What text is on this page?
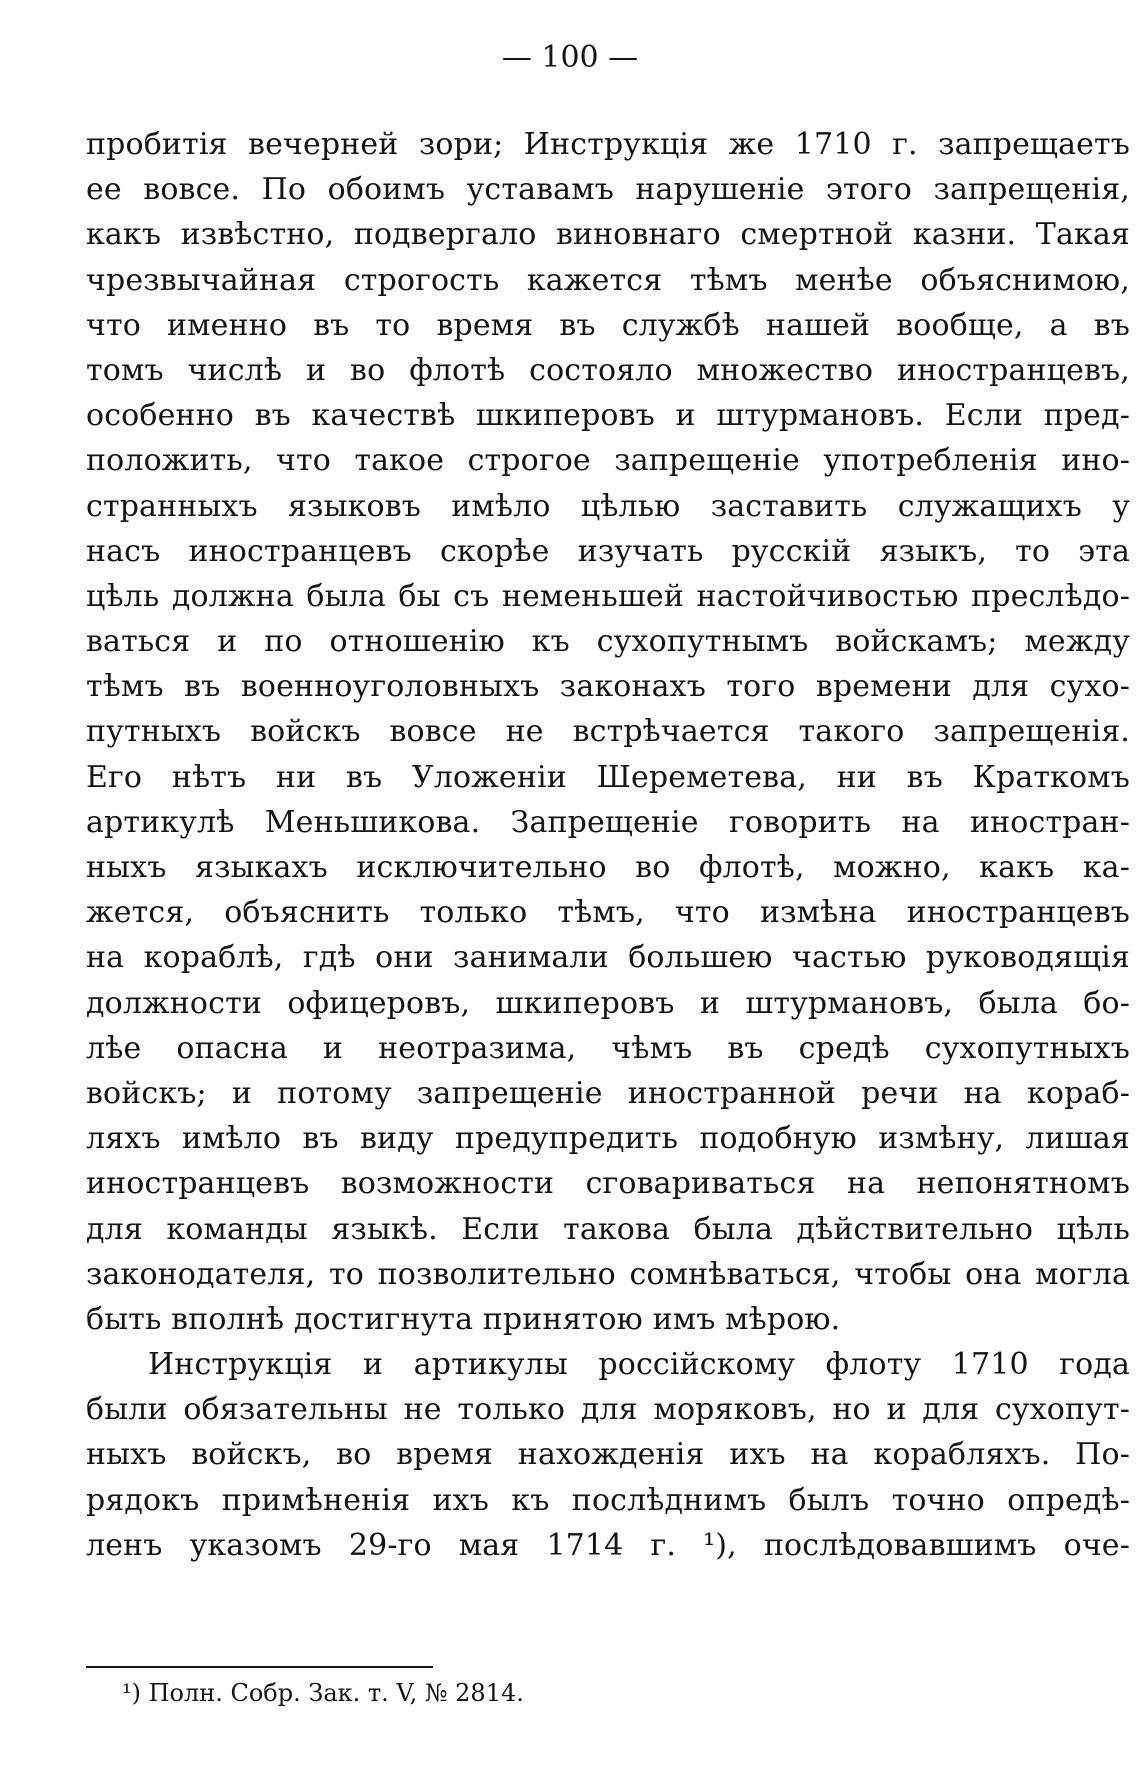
— 100 —

пробитія вечерней зори; Инструкція же 1710 г. запрещаетъ
ее вовсе. По обоимъ уставамъ нарушеніе этого запрещенія,
какъ извѣстно, подвергало виновнаго смертной казни. Такая
чрезвычайная строгость кажется тѣмъ менѣе объяснимою,
что именно въ то время въ службѣ нашей вообще, а въ
томъ числѣ и во флотѣ состояло множество иностранцевъ,
особенно въ качествѣ шкиперовъ и штурмановъ. Если пред-
положить, что такое строгое запрещеніе употребленія ино-
странныхъ языковъ имѣло цѣлью заставить служащихъ у
насъ иностранцевъ скорѣе изучать русскій языкъ, то эта
цѣль должна была бы съ неменьшей настойчивостью преслѣдо-
ваться и по отношенію къ сухопутнымъ войскамъ; между
тѣмъ въ военноуголовныхъ законахъ того времени для сухо-
путныхъ войскъ вовсе не встрѣчается такого запрещенія.
Его нѣтъ ни въ Уложеніи Шереметева, ни въ Краткомъ
артикулѣ Меньшикова. Запрещеніе говорить на иностран-
ныхъ языкахъ исключительно во флотѣ, можно, какъ ка-
жется, объяснить только тѣмъ, что измѣна иностранцевъ
на кораблѣ, гдѣ они занимали большею частью руководящія
должности офицеровъ, шкиперовъ и штурмановъ, была бо-
лѣе опасна и неотразима, чѣмъ въ средѣ сухопутныхъ
войскъ; и потому запрещеніе иностранной речи на кораб-
ляхъ имѣло въ виду предупредить подобную измѣну, лишая
иностранцевъ возможности сговариваться на непонятномъ
для команды языкѣ. Если такова была дѣйствительно цѣль
законодателя, то позволительно сомнѣваться, чтобы она могла
быть вполнѣ достигнута принятою имъ мѣрою.
Инструкція и артикулы россійскому флоту 1710 года
были обязательны не только для моряковъ, но и для сухопут-
ныхъ войскъ, во время нахожденія ихъ на корабляхъ. По-
рядокъ примѣненія ихъ къ послѣднимъ былъ точно опредѣ-
ленъ указомъ 29-го мая 1714 г. ¹), послѣдовавшимъ оче-

¹) Полн. Собр. Зак. т. V, № 2814.
